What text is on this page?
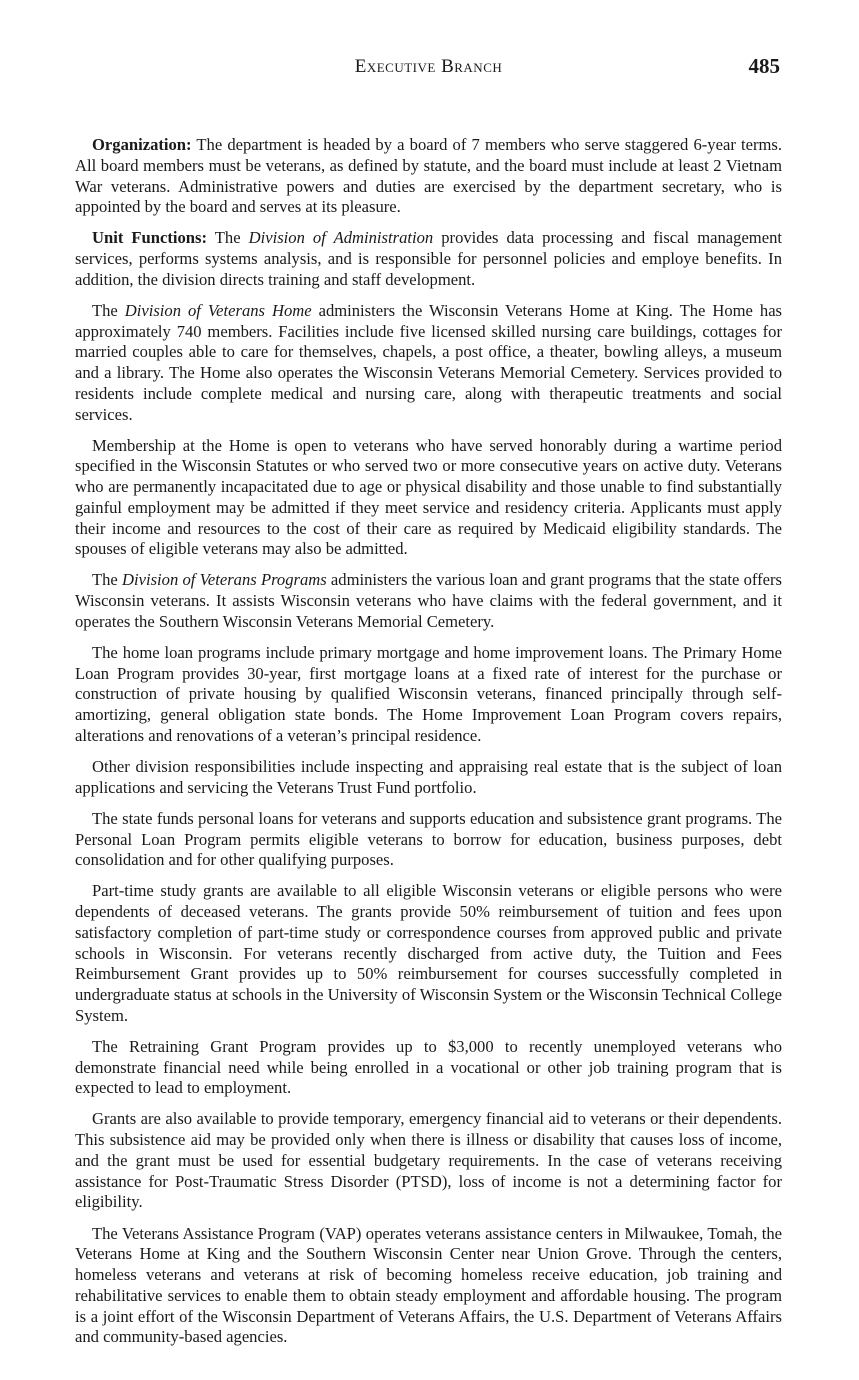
Executive Branch	485

Organization: The department is headed by a board of 7 members who serve staggered 6-year terms. All board members must be veterans, as defined by statute, and the board must include at least 2 Vietnam War veterans. Administrative powers and duties are exercised by the department secretary, who is appointed by the board and serves at its pleasure.

Unit Functions: The Division of Administration provides data processing and fiscal management services, performs systems analysis, and is responsible for personnel policies and employe benefits. In addition, the division directs training and staff development.

The Division of Veterans Home administers the Wisconsin Veterans Home at King. The Home has approximately 740 members. Facilities include five licensed skilled nursing care buildings, cottages for married couples able to care for themselves, chapels, a post office, a theater, bowling alleys, a museum and a library. The Home also operates the Wisconsin Veterans Memorial Cemetery. Services provided to residents include complete medical and nursing care, along with therapeutic treatments and social services.

Membership at the Home is open to veterans who have served honorably during a wartime period specified in the Wisconsin Statutes or who served two or more consecutive years on active duty. Veterans who are permanently incapacitated due to age or physical disability and those unable to find substantially gainful employment may be admitted if they meet service and residency criteria. Applicants must apply their income and resources to the cost of their care as required by Medicaid eligibility standards. The spouses of eligible veterans may also be admitted.

The Division of Veterans Programs administers the various loan and grant programs that the state offers Wisconsin veterans. It assists Wisconsin veterans who have claims with the federal government, and it operates the Southern Wisconsin Veterans Memorial Cemetery.

The home loan programs include primary mortgage and home improvement loans. The Primary Home Loan Program provides 30-year, first mortgage loans at a fixed rate of interest for the purchase or construction of private housing by qualified Wisconsin veterans, financed principally through self-amortizing, general obligation state bonds. The Home Improvement Loan Program covers repairs, alterations and renovations of a veteran’s principal residence.

Other division responsibilities include inspecting and appraising real estate that is the subject of loan applications and servicing the Veterans Trust Fund portfolio.

The state funds personal loans for veterans and supports education and subsistence grant programs. The Personal Loan Program permits eligible veterans to borrow for education, business purposes, debt consolidation and for other qualifying purposes.

Part-time study grants are available to all eligible Wisconsin veterans or eligible persons who were dependents of deceased veterans. The grants provide 50% reimbursement of tuition and fees upon satisfactory completion of part-time study or correspondence courses from approved public and private schools in Wisconsin. For veterans recently discharged from active duty, the Tuition and Fees Reimbursement Grant provides up to 50% reimbursement for courses successfully completed in undergraduate status at schools in the University of Wisconsin System or the Wisconsin Technical College System.

The Retraining Grant Program provides up to $3,000 to recently unemployed veterans who demonstrate financial need while being enrolled in a vocational or other job training program that is expected to lead to employment.

Grants are also available to provide temporary, emergency financial aid to veterans or their dependents. This subsistence aid may be provided only when there is illness or disability that causes loss of income, and the grant must be used for essential budgetary requirements. In the case of veterans receiving assistance for Post-Traumatic Stress Disorder (PTSD), loss of income is not a determining factor for eligibility.

The Veterans Assistance Program (VAP) operates veterans assistance centers in Milwaukee, Tomah, the Veterans Home at King and the Southern Wisconsin Center near Union Grove. Through the centers, homeless veterans and veterans at risk of becoming homeless receive education, job training and rehabilitative services to enable them to obtain steady employment and affordable housing. The program is a joint effort of the Wisconsin Department of Veterans Affairs, the U.S. Department of Veterans Affairs and community-based agencies.
